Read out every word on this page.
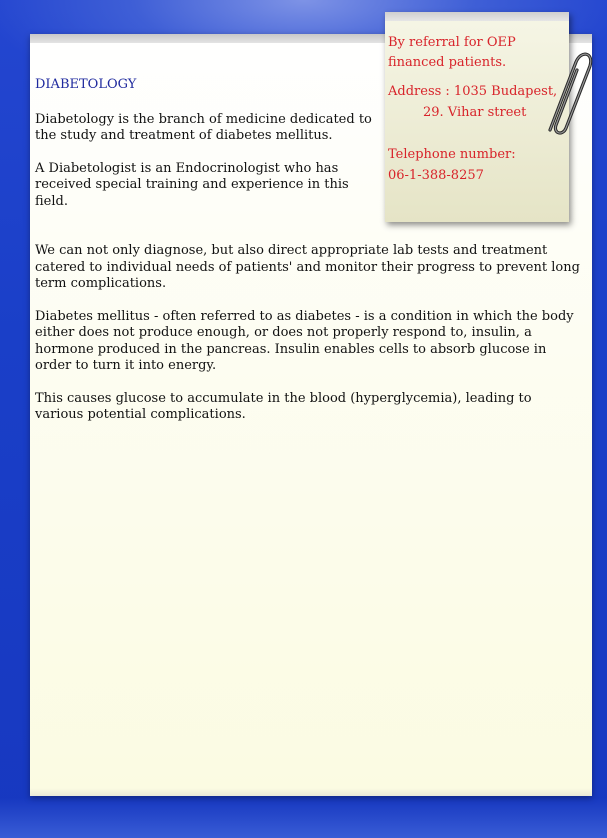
DIABETOLOGY

Diabetology is the branch of medicine dedicated to the study and treatment of diabetes mellitus.

A Diabetologist is an Endocrinologist who has received special training and experience in this field.

We can not only diagnose, but also direct appropriate lab tests and treatment catered to individual needs of patients' and monitor their progress to prevent long term complications.

Diabetes mellitus - often referred to as diabetes - is a condition in which the body either does not produce enough, or does not properly respond to, insulin, a hormone produced in the pancreas. Insulin enables cells to absorb glucose in order to turn it into energy.

This causes glucose to accumulate in the blood (hyperglycemia), leading to various potential complications.

By referral for OEP financed patients.

Address : 1035 Budapest,

29. Vihar street

Telephone number:

06-1-388-8257
